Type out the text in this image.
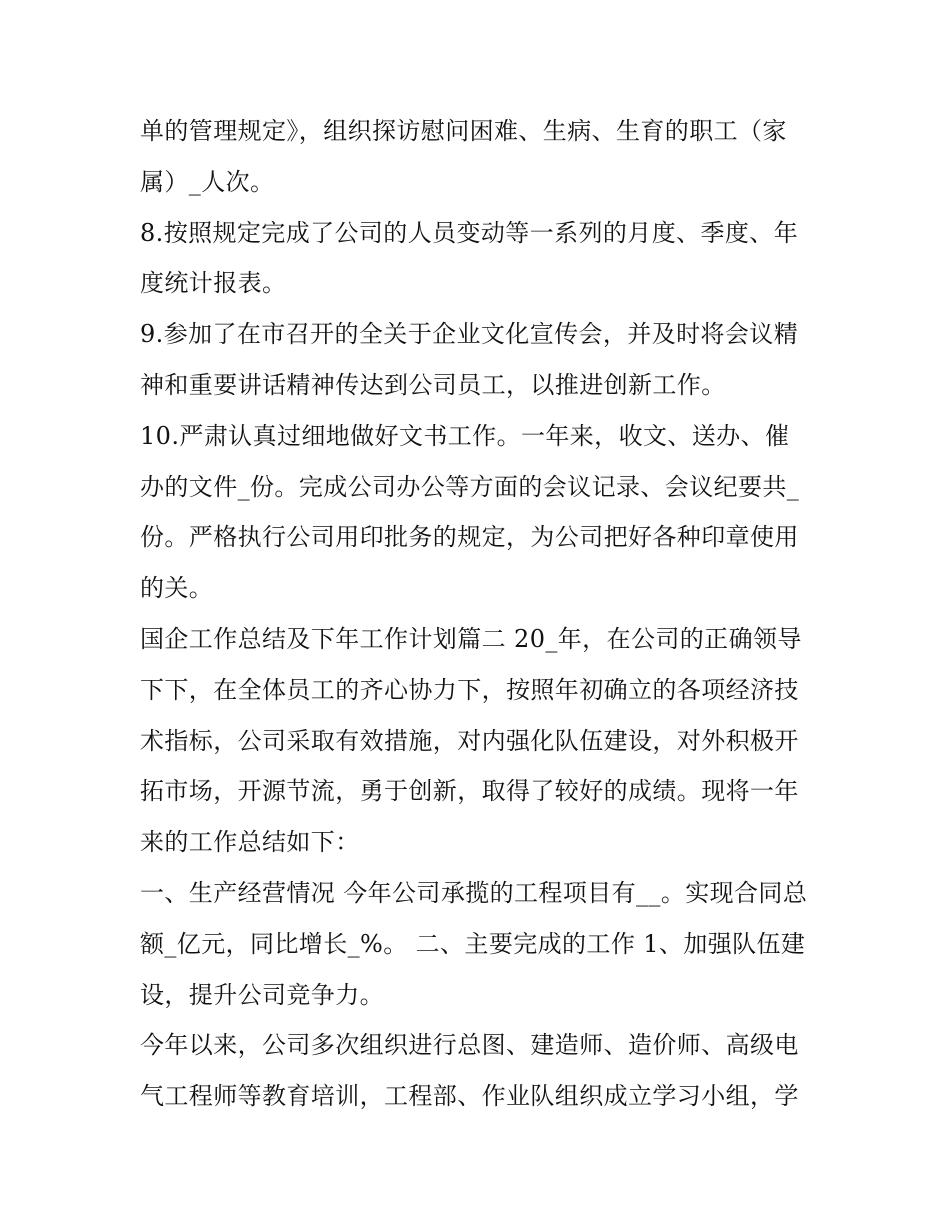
单的管理规定》，组织探访慰问困难、生病、生育的职工（家
属）_人次。
8.按照规定完成了公司的人员变动等一系列的月度、季度、年
度统计报表。
9.参加了在市召开的全关于企业文化宣传会，并及时将会议精
神和重要讲话精神传达到公司员工，以推进创新工作。
10.严肃认真过细地做好文书工作。一年来，收文、送办、催
办的文件_份。完成公司办公等方面的会议记录、会议纪要共_
份。严格执行公司用印批务的规定，为公司把好各种印章使用
的关。
国企工作总结及下年工作计划篇二 20_年，在公司的正确领导
下下，在全体员工的齐心协力下，按照年初确立的各项经济技
术指标，公司采取有效措施，对内强化队伍建设，对外积极开
拓市场，开源节流，勇于创新，取得了较好的成绩。现将一年
来的工作总结如下：
一、生产经营情况 今年公司承揽的工程项目有__。实现合同总
额_亿元，同比增长_%。 二、主要完成的工作 1、加强队伍建
设，提升公司竞争力。
今年以来，公司多次组织进行总图、建造师、造价师、高级电
气工程师等教育培训，工程部、作业队组织成立学习小组，学
